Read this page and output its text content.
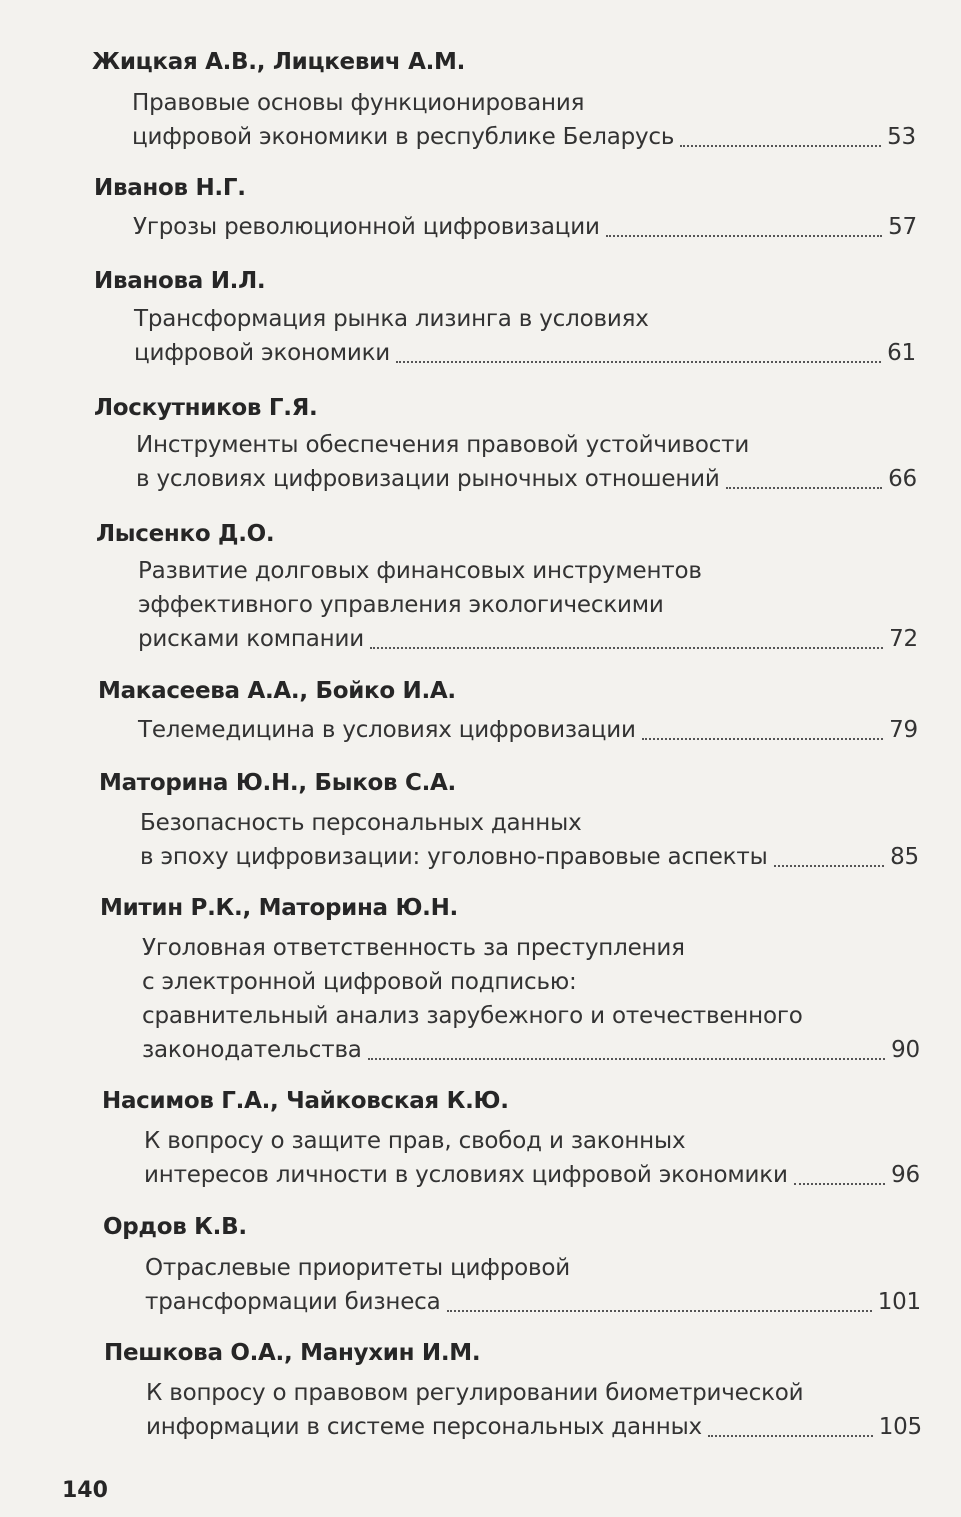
Жицкая А.В., Лицкевич А.М.
Правовые основы функционирования
цифровой экономики в республике Беларусь	53
Иванов Н.Г.
Угрозы революционной цифровизации	57
Иванова И.Л.
Трансформация рынка лизинга в условиях
цифровой экономики	61
Лоскутников Г.Я.
Инструменты обеспечения правовой устойчивости
в условиях цифровизации рыночных отношений	66
Лысенко Д.О.
Развитие долговых финансовых инструментов
эффективного управления экологическими
рисками компании	72
Макасеева А.А., Бойко И.А.
Телемедицина в условиях цифровизации	79
Маторина Ю.Н., Быков С.А.
Безопасность персональных данных
в эпоху цифровизации: уголовно-правовые аспекты	85
Митин Р.К., Маторина Ю.Н.
Уголовная ответственность за преступления
с электронной цифровой подписью:
сравнительный анализ зарубежного и отечественного
законодательства	90
Насимов Г.А., Чайковская К.Ю.
К вопросу о защите прав, свобод и законных
интересов личности в условиях цифровой экономики	96
Ордов К.В.
Отраслевые приоритеты цифровой
трансформации бизнеса	101
Пешкова О.А., Манухин И.М.
К вопросу о правовом регулировании биометрической
информации в системе персональных данных	105
140
